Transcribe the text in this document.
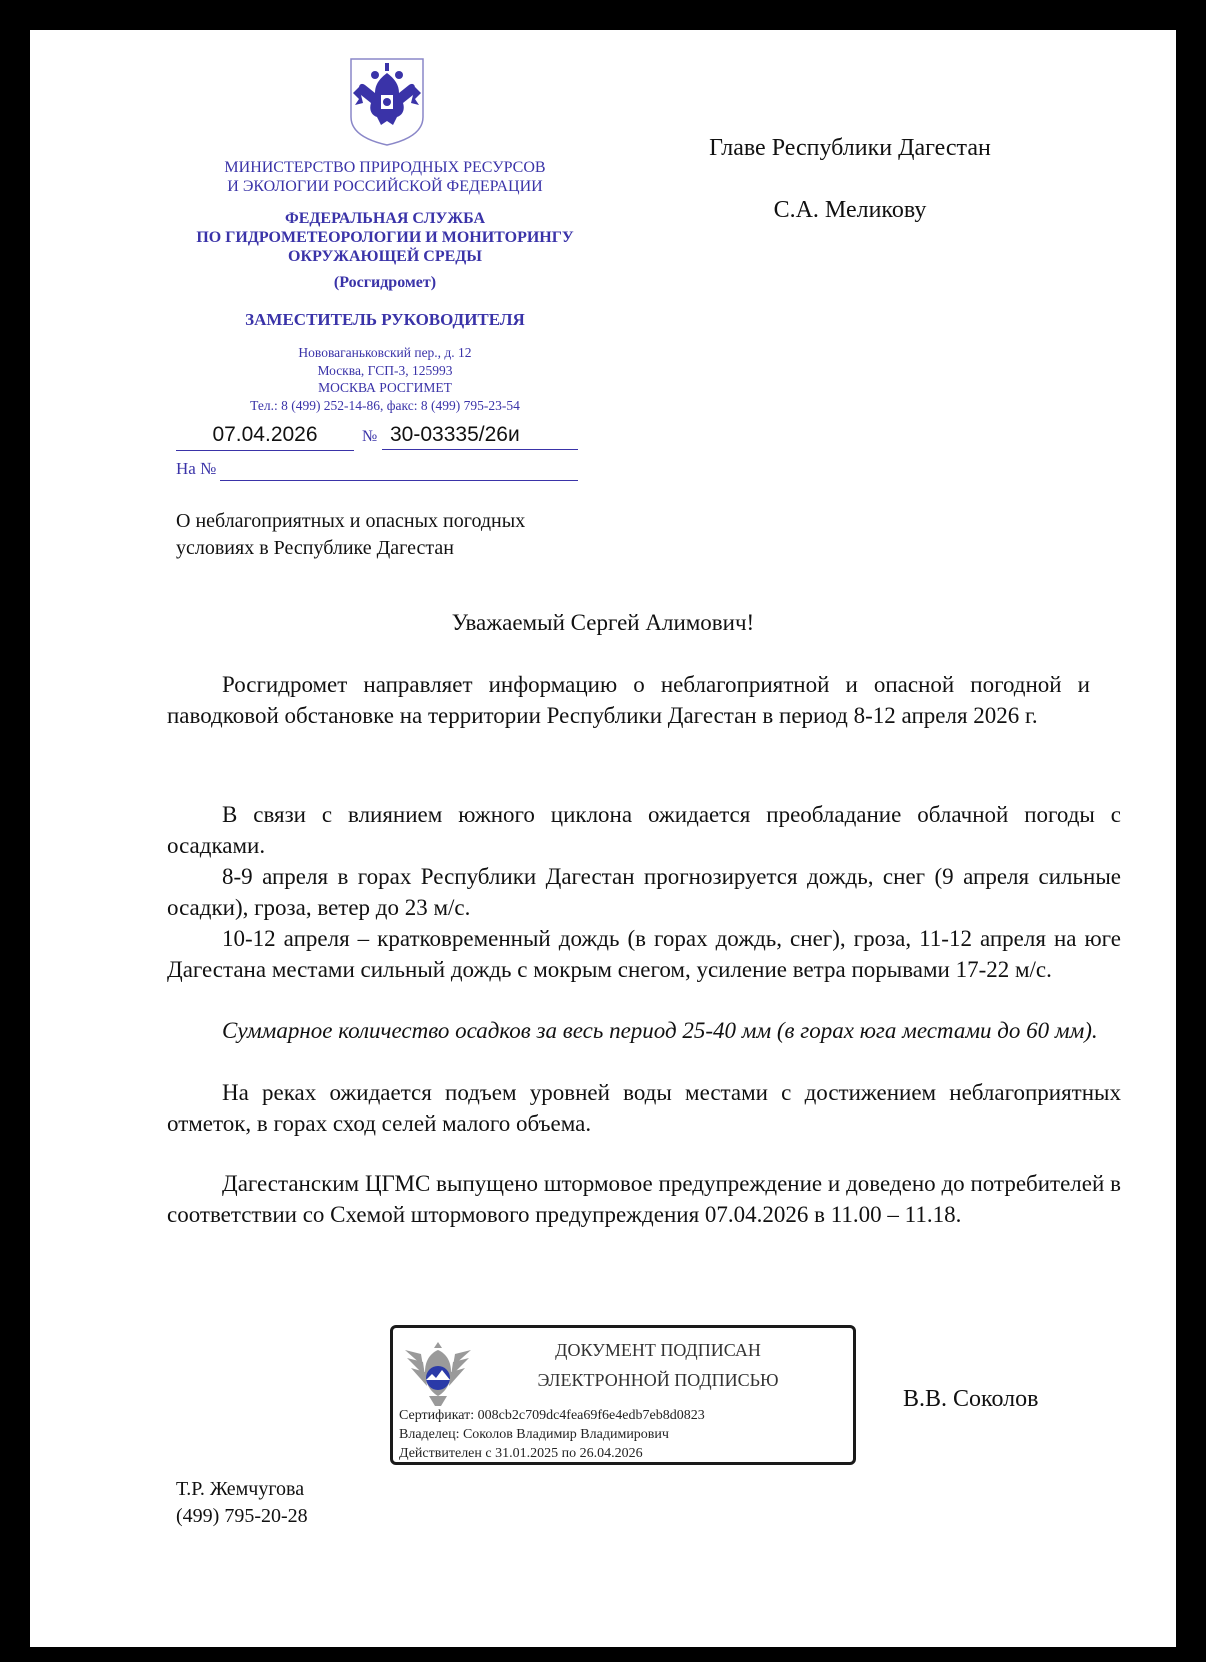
МИНИСТЕРСТВО ПРИРОДНЫХ РЕСУРСОВ
И ЭКОЛОГИИ РОССИЙСКОЙ ФЕДЕРАЦИИ
ФЕДЕРАЛЬНАЯ СЛУЖБА
ПО ГИДРОМЕТЕОРОЛОГИИ И МОНИТОРИНГУ
ОКРУЖАЮЩЕЙ СРЕДЫ
(Росгидромет)
ЗАМЕСТИТЕЛЬ РУКОВОДИТЕЛЯ
Нововаганьковский пер., д. 12
Москва, ГСП-3, 125993
МОСКВА РОСГИМЕТ
Тел.: 8 (499) 252-14-86, факс: 8 (499) 795-23-54
07.04.2026	№ 30-03335/26и
На №
О неблагоприятных и опасных погодных
условиях в Республике Дагестан
Главе Республики Дагестан
С.А. Меликову
Уважаемый Сергей Алимович!

Росгидромет направляет информацию о неблагоприятной и опасной погодной и паводковой обстановке на территории Республики Дагестан в период 8-12 апреля 2026 г.

В связи с влиянием южного циклона ожидается преобладание облачной погоды с осадками.

8-9 апреля в горах Республики Дагестан прогнозируется дождь, снег (9 апреля сильные осадки), гроза, ветер до 23 м/с.

10-12 апреля – кратковременный дождь (в горах дождь, снег), гроза, 11-12 апреля на юге Дагестана местами сильный дождь с мокрым снегом, усиление ветра порывами 17-22 м/с.

Суммарное количество осадков за весь период 25-40 мм (в горах юга местами до 60 мм).

На реках ожидается подъем уровней воды местами с достижением неблагоприятных отметок, в горах сход селей малого объема.

Дагестанским ЦГМС выпущено штормовое предупреждение и доведено до потребителей в соответствии со Схемой штормового предупреждения 07.04.2026 в 11.00 – 11.18.

ДОКУМЕНТ ПОДПИСАН
ЭЛЕКТРОННОЙ ПОДПИСЬЮ
Сертификат: 008cb2c709dc4fea69f6e4edb7eb8d0823
Владелец: Соколов Владимир Владимирович
Действителен с 31.01.2025 по 26.04.2026
В.В. Соколов
Т.Р. Жемчугова
(499) 795-20-28
